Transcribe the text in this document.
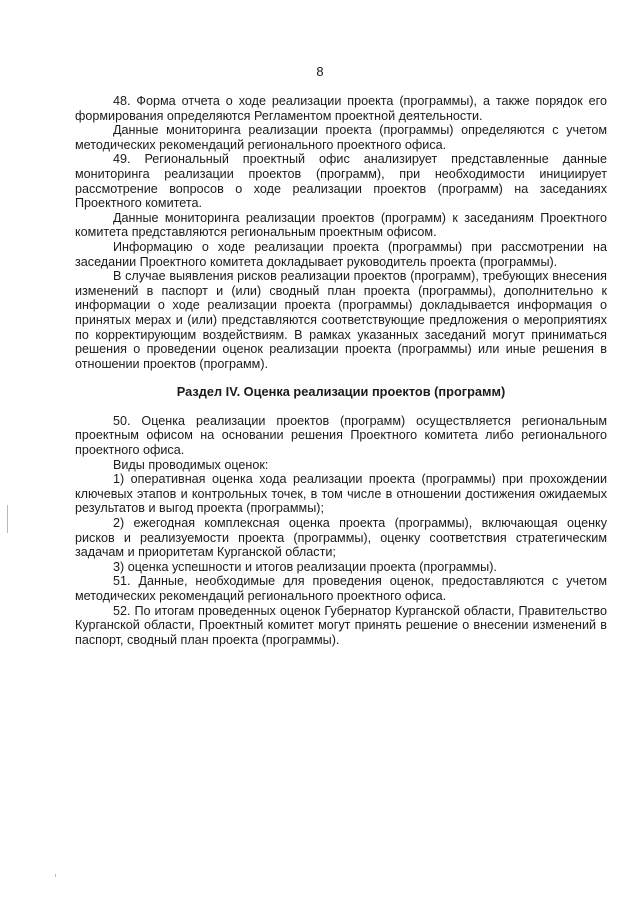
8

48. Форма отчета о ходе реализации проекта (программы), а также порядок его формирования определяются Регламентом проектной деятельности.

Данные мониторинга реализации проекта (программы) определяются с учетом методических рекомендаций регионального проектного офиса.

49. Региональный проектный офис анализирует представленные данные мониторинга реализации проектов (программ), при необходимости инициирует рассмотрение вопросов о ходе реализации проектов (программ) на заседаниях Проектного комитета.

Данные мониторинга реализации проектов (программ) к заседаниям Проектного комитета представляются региональным проектным офисом.

Информацию о ходе реализации проекта (программы) при рассмотрении на заседании Проектного комитета докладывает руководитель проекта (программы).

В случае выявления рисков реализации проектов (программ), требующих внесения изменений в паспорт и (или) сводный план проекта (программы), дополнительно к информации о ходе реализации проекта (программы) докладывается информация о принятых мерах и (или) представляются соответствующие предложения о мероприятиях по корректирующим воздействиям. В рамках указанных заседаний могут приниматься решения о проведении оценок реализации проекта (программы) или иные решения в отношении проектов (программ).

Раздел IV. Оценка реализации проектов (программ)

50. Оценка реализации проектов (программ) осуществляется региональным проектным офисом на основании решения Проектного комитета либо регионального проектного офиса.

Виды проводимых оценок:

1) оперативная оценка хода реализации проекта (программы) при прохождении ключевых этапов и контрольных точек, в том числе в отношении достижения ожидаемых результатов и выгод проекта (программы);

2) ежегодная комплексная оценка проекта (программы), включающая оценку рисков и реализуемости проекта (программы), оценку соответствия стратегическим задачам и приоритетам Курганской области;

3) оценка успешности и итогов реализации проекта (программы).

51. Данные, необходимые для проведения оценок, предоставляются с учетом методических рекомендаций регионального проектного офиса.

52. По итогам проведенных оценок Губернатор Курганской области, Правительство Курганской области, Проектный комитет могут принять решение о внесении изменений в паспорт, сводный план проекта (программы).
